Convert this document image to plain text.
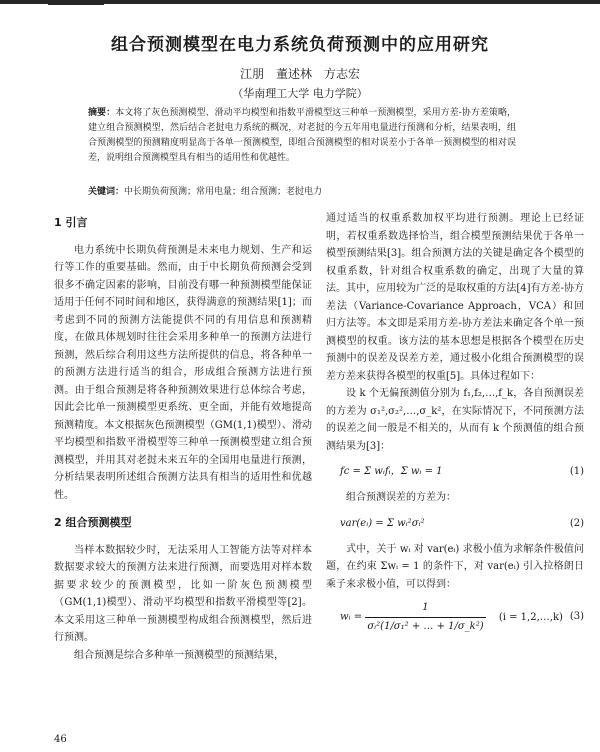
组合预测模型在电力系统负荷预测中的应用研究
江朋　董述林　方志宏
（华南理工大学 电力学院）
摘要：本文将了灰色预测模型、滑动平均模型和指数平滑模型这三种单一预测模型，采用方差-协方差策略，建立组合预测模型，然后结合老挝电力系统的概况，对老挝的今五年用电量进行预测和分析，结果表明，组合预测模型的预测精度明显高于各单一预测模型，即组合预测模型的相对误差小于各单一预测模型的相对误差，说明组合预测模型具有相当的适用性和优越性。
关键词：中长期负荷预测；常用电量；组合预测；老挝电力
1 引言

电力系统中长期负荷预测是未来电力规划、生产和运行等工作的重要基础。然而，由于中长期负荷预测会受到很多不确定因素的影响，目前没有哪一种预测模型能保证适用于任何不同时间和地区，获得满意的预测结果[1]；而考虑到不同的预测方法能提供不同的有用信息和预测精度，在做具体规划时往往会采用多种单一的预测方法进行预测，然后综合利用这些方法所提供的信息，将各种单一的预测方法进行适当的组合，形成组合预测方法进行预测。由于组合预测是将各种预测效果进行总体综合考虑，因此会比单一预测模型更系统、更全面，并能有效地提高预测精度。本文根据灰色预测模型（GM(1,1)模型）、滑动平均模型和指数平滑模型等三种单一预测模型建立组合预测模型，并用其对老挝未来五年的全国用电量进行预测，分析结果表明所述组合预测方法具有相当的适用性和优越性。

2 组合预测模型

当样本数据较少时，无法采用人工智能方法等对样本数据要求较大的预测方法来进行预测，而要选用对样本数据要求较少的预测模型，比如一阶灰色预测模型（GM(1,1)模型）、滑动平均模型和指数平滑模型等[2]。本文采用这三种单一预测模型构成组合预测模型，然后进行预测。

组合预测是综合多种单一预测模型的预测结果，

通过适当的权重系数加权平均进行预测。理论上已经证明，若权重系数选择恰当，组合模型预测结果优于各单一模型预测结果[3]。组合预测方法的关键是确定各个模型的权重系数，针对组合权重系数的确定，出现了大量的算法。其中，应用较为广泛的是取权重的方法[4]有方差-协方差法（Variance-Covariance Approach，VCA）和回归方法等。本文即是采用方差-协方差法来确定各个单一预测模型的权重。该方法的基本思想是根据各个模型在历史预测中的误差及误差方差，通过极小化组合预测模型的误差方差来获得各模型的权重[5]。具体过程如下：

设 k 个无偏预测值分别为 f₁,f₂,…,f_k，各自预测误差的方差为 σ₁²,σ₂²,…,σ_k²，在实际情况下，不同预测方法的误差之间一般是不相关的，从而有 k 个预测值的组合预测结果为[3]：

fc = Σ wᵢfᵢ，Σ wᵢ = 1	(1)

组合预测误差的方差为：

var(eᵢ) = Σ wᵢ²σᵢ²	(2)

式中，关于 wᵢ 对 var(eᵢ) 求极小值为求解条件极值问题，在约束 Σwᵢ = 1 的条件下，对 var(eᵢ) 引入拉格朗日乘子来求极小值，可以得到：

wᵢ = $\frac{1}{\text{σᵢ²(1/σ₁² + … + 1/σ\_k²)}} (i$ = 1,2,…,k) (3)
46
